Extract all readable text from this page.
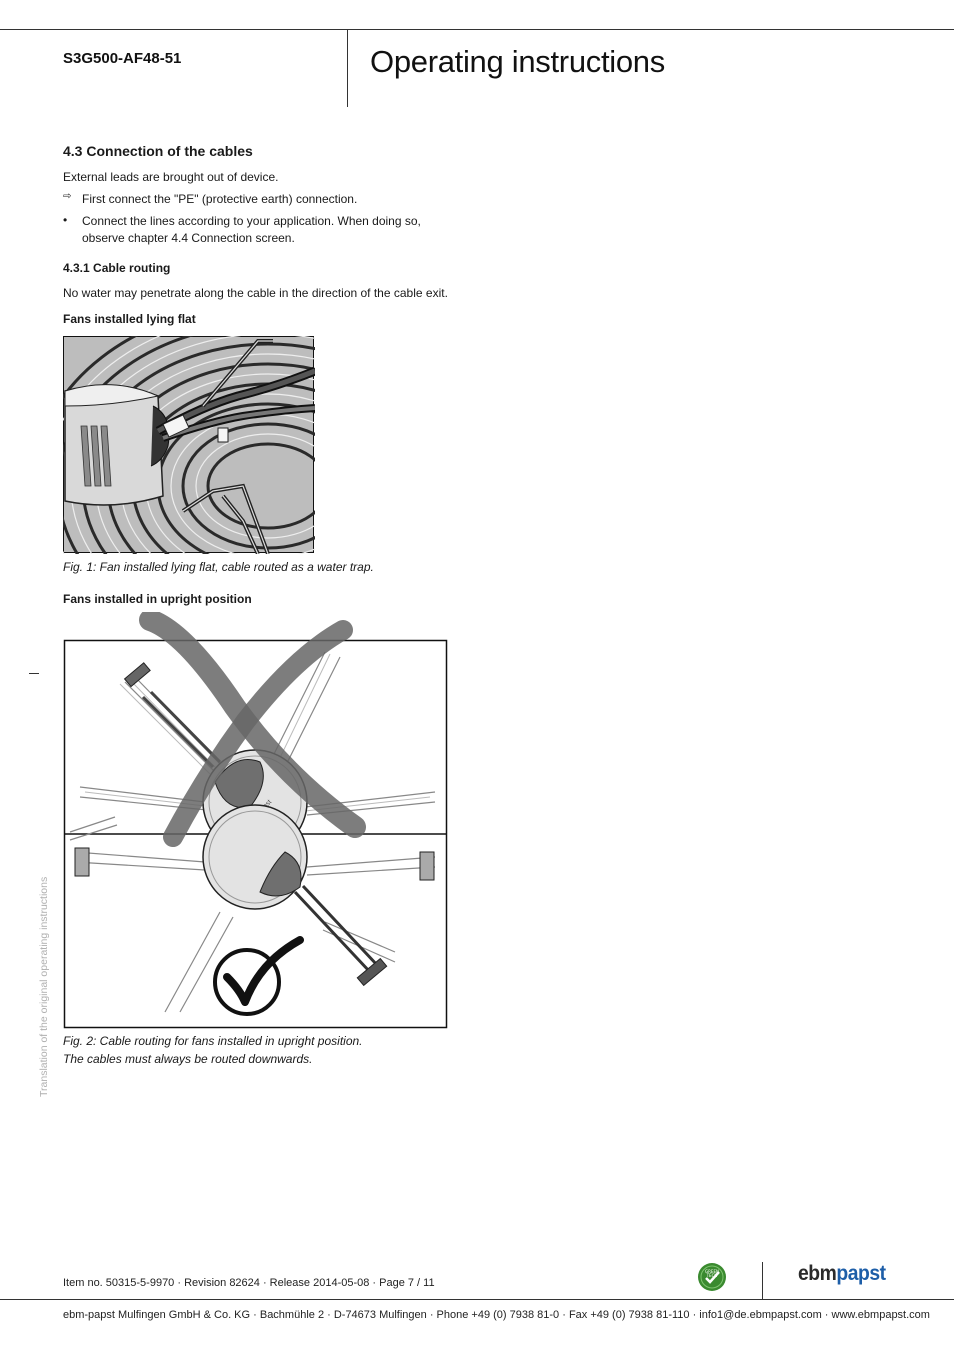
S3G500-AF48-51	Operating instructions
4.3 Connection of the cables
External leads are brought out of device.
⇨ First connect the "PE" (protective earth) connection.
•	Connect the lines according to your application. When doing so,
observe chapter 4.4 Connection screen.
4.3.1 Cable routing
No water may penetrate along the cable in the direction of the cable exit.
Fans installed lying flat
Fig. 1: Fan installed lying flat, cable routed as a water trap.
Fans installed in upright position
Fig. 2: Cable routing for fans installed in upright position.
The cables must always be routed downwards.
Translation of the original operating instructions
Item no. 50315-5-9970 · Revision 82624 · Release 2014-05-08 · Page 7 / 11
GREEN
TECH	ebmpapst
ebm-papst Mulfingen GmbH & Co. KG · Bachmühle 2 · D-74673 Mulfingen · Phone +49 (0) 7938 81-0 · Fax +49 (0) 7938 81-110 · info1@de.ebmpapst.com · www.ebmpapst.com
